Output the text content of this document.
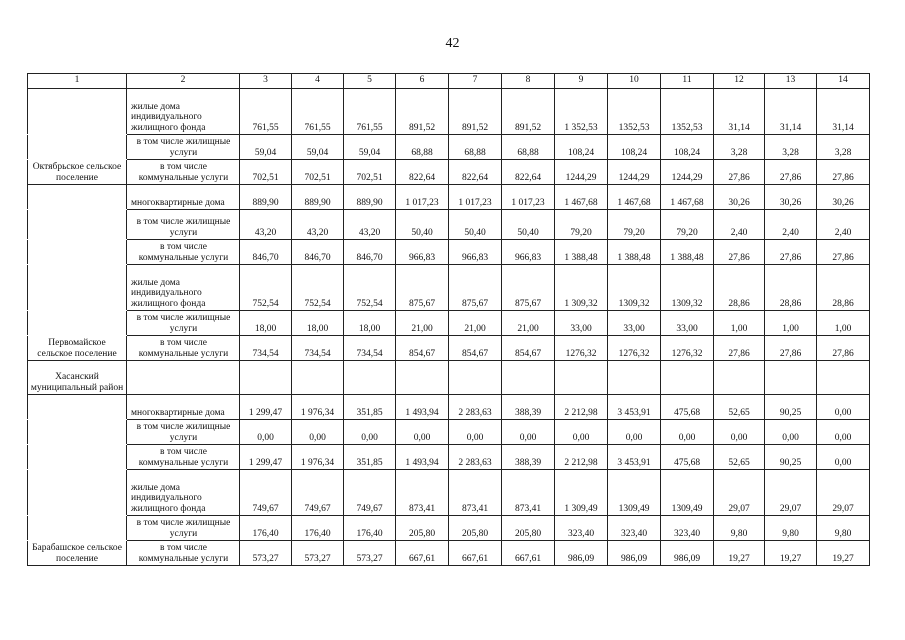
42
1	2	3	4	5	6	7	8	9	10	11	12	13	14
	жилые дома индивидуального жилищного фонда	761,55	761,55	761,55	891,52	891,52	891,52	1 352,53	1352,53	1352,53	31,14	31,14	31,14
	в том числе жилищные услуги	59,04	59,04	59,04	68,88	68,88	68,88	108,24	108,24	108,24	3,28	3,28	3,28
Октябрьское сельское поселение	в том числе коммунальные услуги	702,51	702,51	702,51	822,64	822,64	822,64	1244,29	1244,29	1244,29	27,86	27,86	27,86
	многоквартирные дома	889,90	889,90	889,90	1 017,23	1 017,23	1 017,23	1 467,68	1 467,68	1 467,68	30,26	30,26	30,26
	в том числе жилищные услуги	43,20	43,20	43,20	50,40	50,40	50,40	79,20	79,20	79,20	2,40	2,40	2,40
	в том числе коммунальные услуги	846,70	846,70	846,70	966,83	966,83	966,83	1 388,48	1 388,48	1 388,48	27,86	27,86	27,86
	жилые дома индивидуального жилищного фонда	752,54	752,54	752,54	875,67	875,67	875,67	1 309,32	1309,32	1309,32	28,86	28,86	28,86
	в том числе жилищные услуги	18,00	18,00	18,00	21,00	21,00	21,00	33,00	33,00	33,00	1,00	1,00	1,00
Первомайское сельское поселение	в том числе коммунальные услуги	734,54	734,54	734,54	854,67	854,67	854,67	1276,32	1276,32	1276,32	27,86	27,86	27,86
Хасанский муниципальный район													
	многоквартирные дома	1 299,47	1 976,34	351,85	1 493,94	2 283,63	388,39	2 212,98	3 453,91	475,68	52,65	90,25	0,00
	в том числе жилищные услуги	0,00	0,00	0,00	0,00	0,00	0,00	0,00	0,00	0,00	0,00	0,00	0,00
	в том числе коммунальные услуги	1 299,47	1 976,34	351,85	1 493,94	2 283,63	388,39	2 212,98	3 453,91	475,68	52,65	90,25	0,00
	жилые дома индивидуального жилищного фонда	749,67	749,67	749,67	873,41	873,41	873,41	1 309,49	1309,49	1309,49	29,07	29,07	29,07
	в том числе жилищные услуги	176,40	176,40	176,40	205,80	205,80	205,80	323,40	323,40	323,40	9,80	9,80	9,80
Барабашское сельское поселение	в том числе коммунальные услуги	573,27	573,27	573,27	667,61	667,61	667,61	986,09	986,09	986,09	19,27	19,27	19,27
